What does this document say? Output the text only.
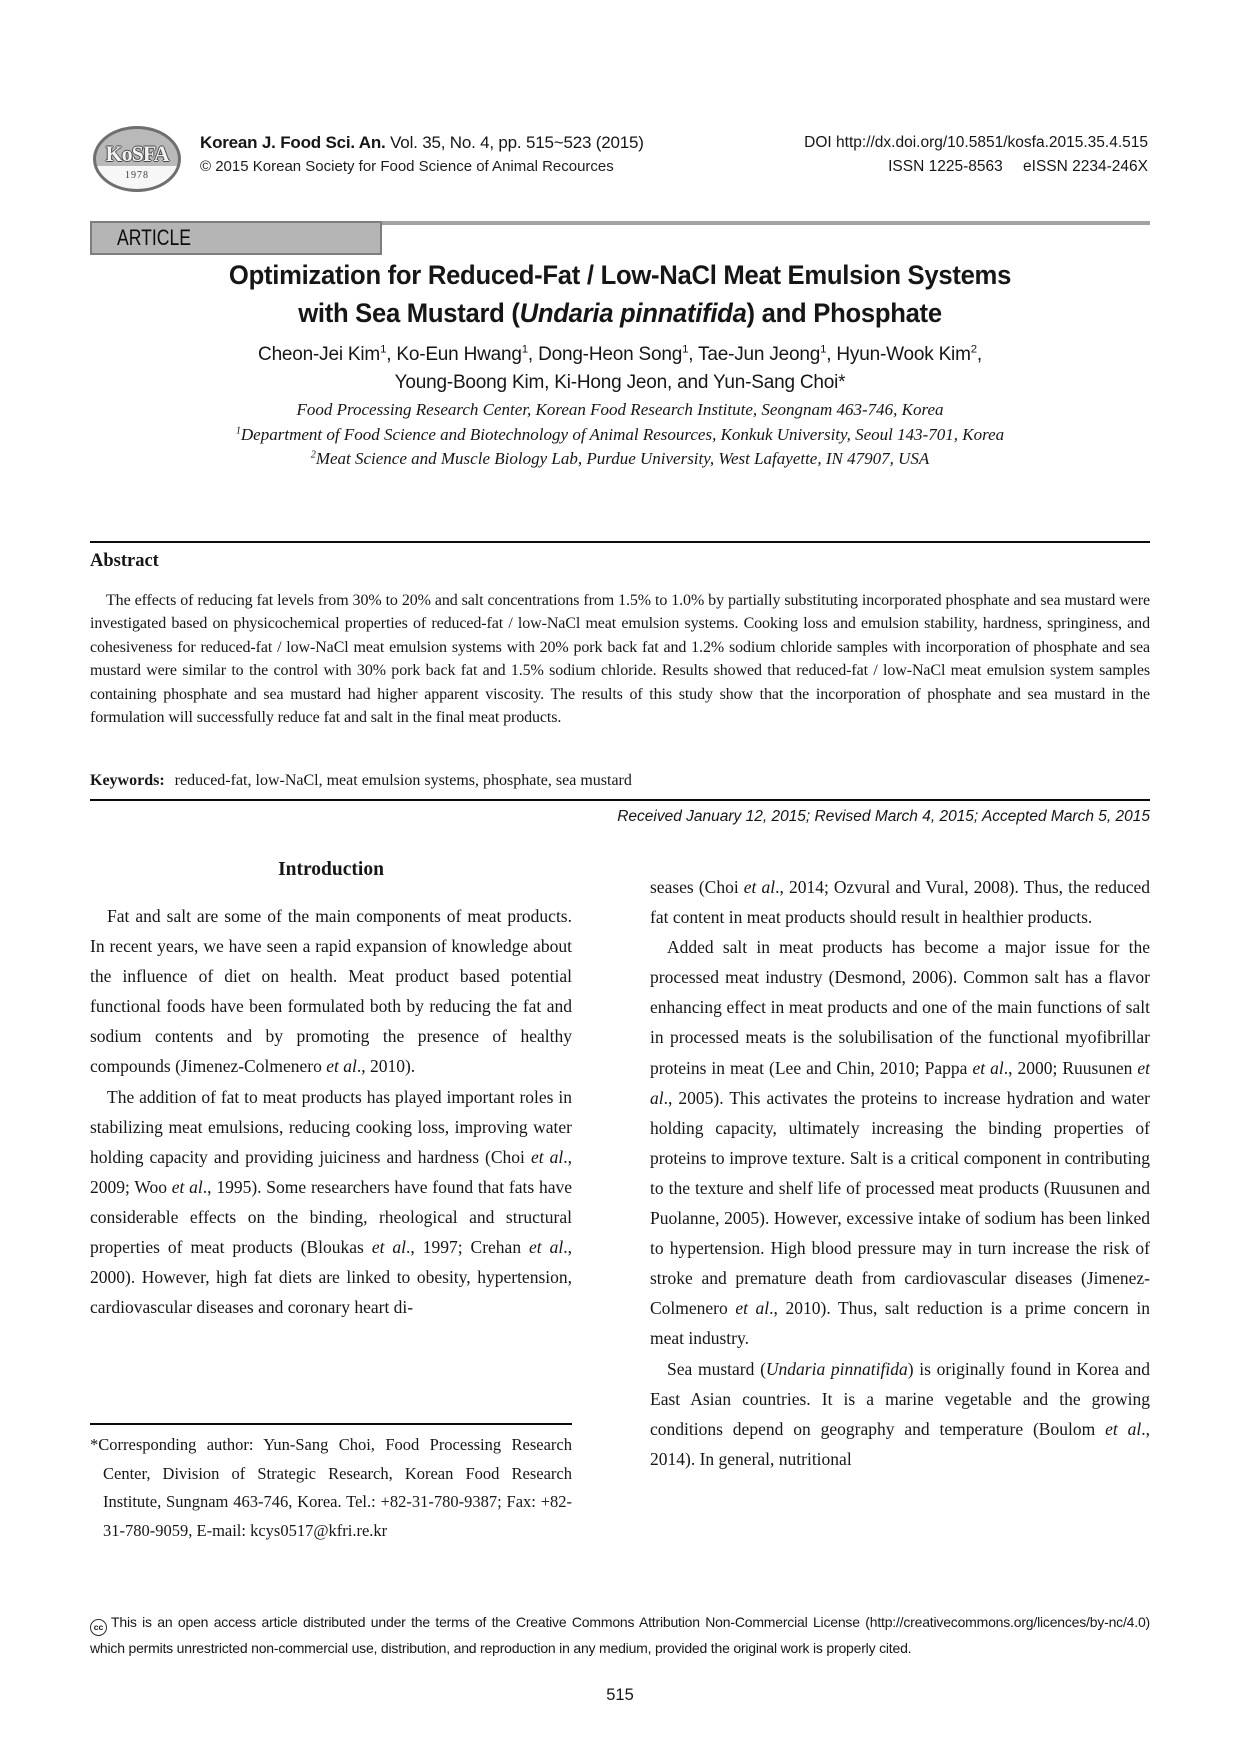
KoSFA
1978
Korean J. Food Sci. An. Vol. 35, No. 4, pp. 515~523 (2015)
© 2015 Korean Society for Food Science of Animal Recources
DOI http://dx.doi.org/10.5851/kosfa.2015.35.4.515
ISSN 1225-8563 eISSN 2234-246X
ARTICLE
Optimization for Reduced-Fat / Low-NaCl Meat Emulsion Systems
with Sea Mustard (Undaria pinnatifida) and Phosphate
Cheon-Jei Kim$^1$, Ko-Eun Hwang$^1$, Dong-Heon Song$^1$, Tae-Jun Jeong$^1$, Hyun-Wook Kim$^2$,
Young-Boong Kim, Ki-Hong Jeon, and Yun-Sang Choi*
Food Processing Research Center, Korean Food Research Institute, Seongnam 463-746, Korea
$^1$Department of Food Science and Biotechnology of Animal Resources, Konkuk University, Seoul 143-701, Korea
$^2$Meat Science and Muscle Biology Lab, Purdue University, West Lafayette, IN 47907, USA
Abstract
The effects of reducing fat levels from 30% to 20% and salt concentrations from 1.5% to 1.0% by partially substituting incorporated phosphate and sea mustard were investigated based on physicochemical properties of reduced-fat / low-NaCl meat emulsion systems. Cooking loss and emulsion stability, hardness, springiness, and cohesiveness for reduced-fat / low-NaCl meat emulsion systems with 20% pork back fat and 1.2% sodium chloride samples with incorporation of phosphate and sea mustard were similar to the control with 30% pork back fat and 1.5% sodium chloride. Results showed that reduced-fat / low-NaCl meat emulsion system samples containing phosphate and sea mustard had higher apparent viscosity. The results of this study show that the incorporation of phosphate and sea mustard in the formulation will successfully reduce fat and salt in the final meat products.
Keywords: reduced-fat, low-NaCl, meat emulsion systems, phosphate, sea mustard
Received January 12, 2015; Revised March 4, 2015; Accepted March 5, 2015
Introduction

Fat and salt are some of the main components of meat products. In recent years, we have seen a rapid expansion of knowledge about the influence of diet on health. Meat product based potential functional foods have been formulated both by reducing the fat and sodium contents and by promoting the presence of healthy compounds (Jimenez-Colmenero et al., 2010).

The addition of fat to meat products has played important roles in stabilizing meat emulsions, reducing cooking loss, improving water holding capacity and providing juiciness and hardness (Choi et al., 2009; Woo et al., 1995). Some researchers have found that fats have considerable effects on the binding, rheological and structural properties of meat products (Bloukas et al., 1997; Crehan et al., 2000). However, high fat diets are linked to obesity, hypertension, cardiovascular diseases and coronary heart di-

*Corresponding author: Yun-Sang Choi, Food Processing Research Center, Division of Strategic Research, Korean Food Research Institute, Sungnam 463-746, Korea. Tel.: +82-31-780-9387; Fax: +82-31-780-9059, E-mail: kcys0517@kfri.re.kr

seases (Choi et al., 2014; Ozvural and Vural, 2008). Thus, the reduced fat content in meat products should result in healthier products.

Added salt in meat products has become a major issue for the processed meat industry (Desmond, 2006). Common salt has a flavor enhancing effect in meat products and one of the main functions of salt in processed meats is the solubilisation of the functional myofibrillar proteins in meat (Lee and Chin, 2010; Pappa et al., 2000; Ruusunen et al., 2005). This activates the proteins to increase hydration and water holding capacity, ultimately increasing the binding properties of proteins to improve texture. Salt is a critical component in contributing to the texture and shelf life of processed meat products (Ruusunen and Puolanne, 2005). However, excessive intake of sodium has been linked to hypertension. High blood pressure may in turn increase the risk of stroke and premature death from cardiovascular diseases (Jimenez-Colmenero et al., 2010). Thus, salt reduction is a prime concern in meat industry.

Sea mustard (Undaria pinnatifida) is originally found in Korea and East Asian countries. It is a marine vegetable and the growing conditions depend on geography and temperature (Boulom et al., 2014). In general, nutritional

cc This is an open access article distributed under the terms of the Creative Commons Attribution Non-Commercial License (http://creativecommons.org/licences/by-nc/4.0) which permits unrestricted non-commercial use, distribution, and reproduction in any medium, provided the original work is properly cited.
515
